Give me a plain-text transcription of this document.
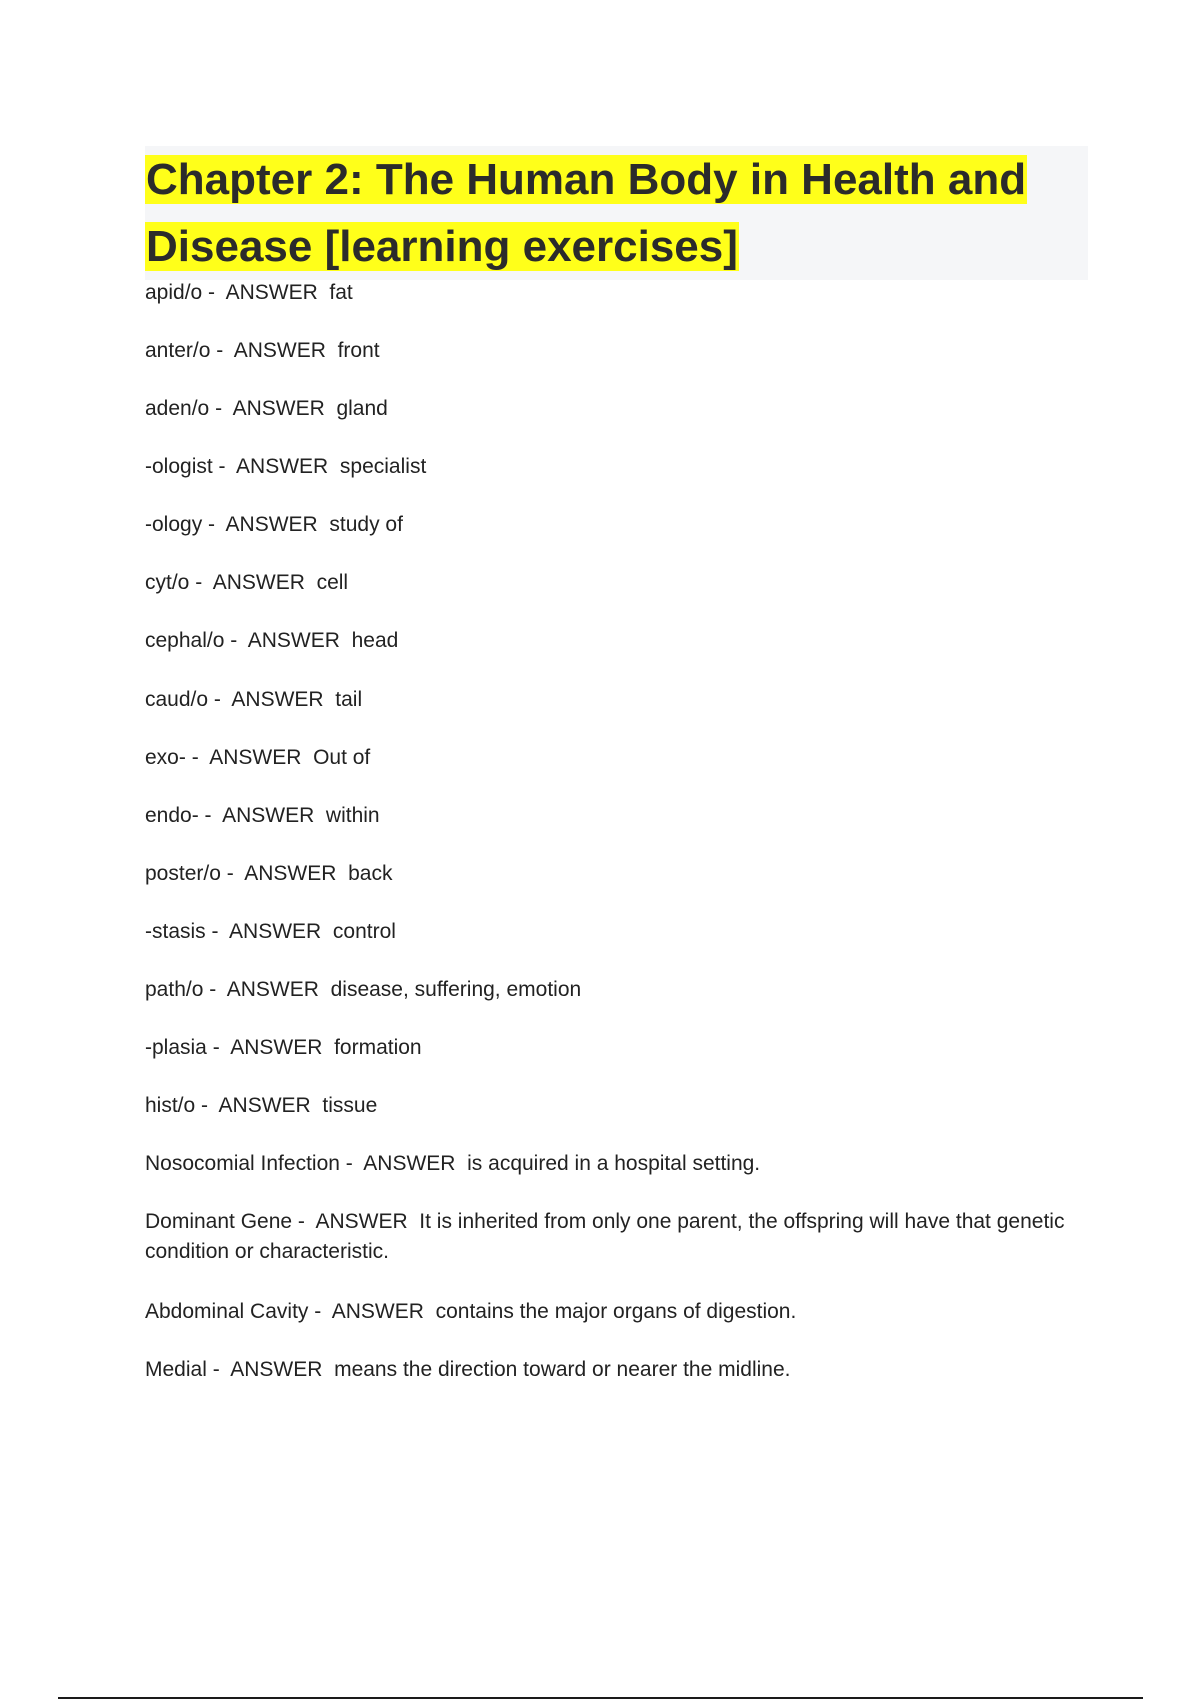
Chapter 2: The Human Body in Health and
Disease [learning exercises]
apid/o -  ANSWER fat
anter/o -  ANSWER front
aden/o -  ANSWER gland
-ologist -  ANSWER specialist
-ology -  ANSWER study of
cyt/o -  ANSWER cell
cephal/o -  ANSWER head
caud/o -  ANSWER tail
exo- -  ANSWER Out of
endo- -  ANSWER within
poster/o -  ANSWER back
-stasis -  ANSWER control
path/o -  ANSWER disease, suffering, emotion
-plasia -  ANSWER formation
hist/o -  ANSWER tissue
Nosocomial Infection -  ANSWER is acquired in a hospital setting.
Dominant Gene -  ANSWER It is inherited from only one parent, the offspring will have that genetic condition or characteristic.
Abdominal Cavity -  ANSWER contains the major organs of digestion.
Medial -  ANSWER means the direction toward or nearer the midline.
